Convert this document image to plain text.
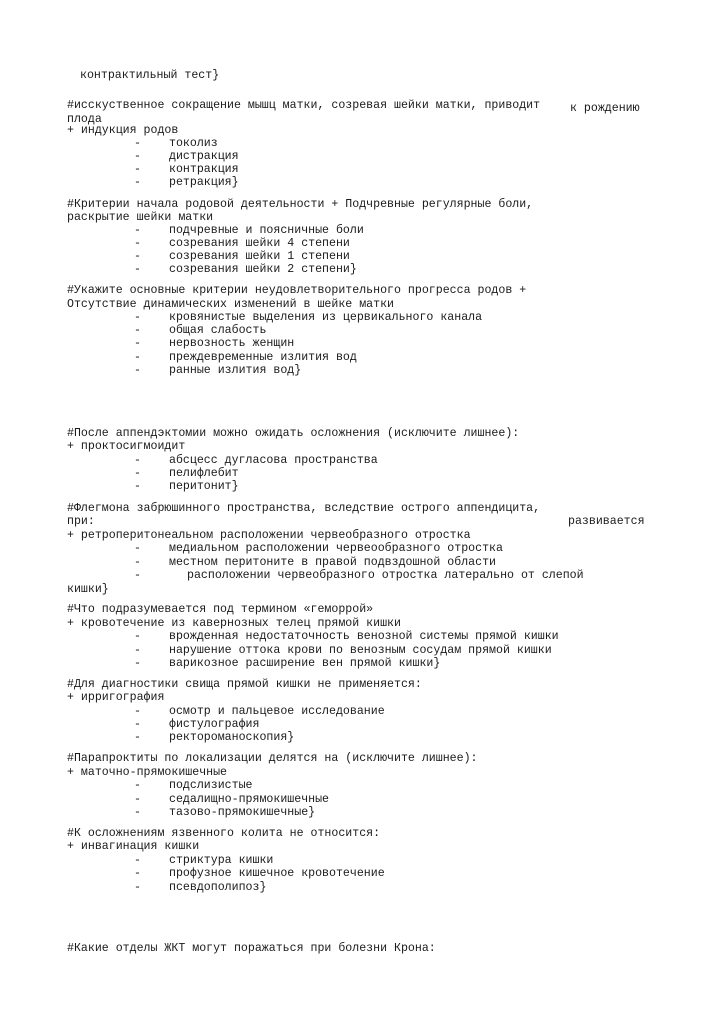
контрактильный тест}
#исскуственное сокращение мышц матки, созревая шейки матки, приводит	к рождению
плода
+ индукция родов
-	токолиз
-	дистракция
-	контракция
-	ретракция}
#Критерии начала родовой деятельности + Подчревные регулярные боли,
раскрытие шейки матки
-	подчревные и поясничные боли
-	созревания шейки 4 степени
-	созревания шейки 1 степени
-	созревания шейки 2 степени}
#Укажите основные критерии неудовлетворительного прогресса родов +
Отсутствие динамических изменений в шейке матки
-	кровянистые выделения из цервикального канала
-	общая слабость
-	нервозность женщин
-	преждевременные излития вод
-	ранные излития вод}
#После аппендэктомии можно ожидать осложнения (исключите лишнее):
+ проктосигмоидит
-	абсцесс дугласова пространства
-	пелифлебит
-	перитонит}
#Флегмона забрюшинного пространства, вследствие острого аппендицита,
при:	развивается
+ ретроперитонеальном расположении червеобразного отростка
-	медиальном расположении червеообразного отростка
-	местном перитоните в правой подвздошной области
-	расположении червеобразного отростка латерально от слепой
кишки}
#Что подразумевается под термином «геморрой»
+ кровотечение из кавернозных телец прямой кишки
-	врожденная недостаточность венозной системы прямой кишки
-	нарушение оттока крови по венозным сосудам прямой кишки
-	варикозное расширение вен прямой кишки}
#Для диагностики свища прямой кишки не применяется:
+ ирригография
-	осмотр и пальцевое исследование
-	фистулография
-	ректороманоскопия}
#Парапроктиты по локализации делятся на (исключите лишнее):
+ маточно-прямокишечные
-	подслизистые
-	седалищно-прямокишечные
-	тазово-прямокишечные}
#К осложнениям язвенного колита не относится:
+ инвагинация кишки
-	стриктура кишки
-	профузное кишечное кровотечение
-	псевдополипоз}
#Какие отделы ЖКТ могут поражаться при болезни Крона:
